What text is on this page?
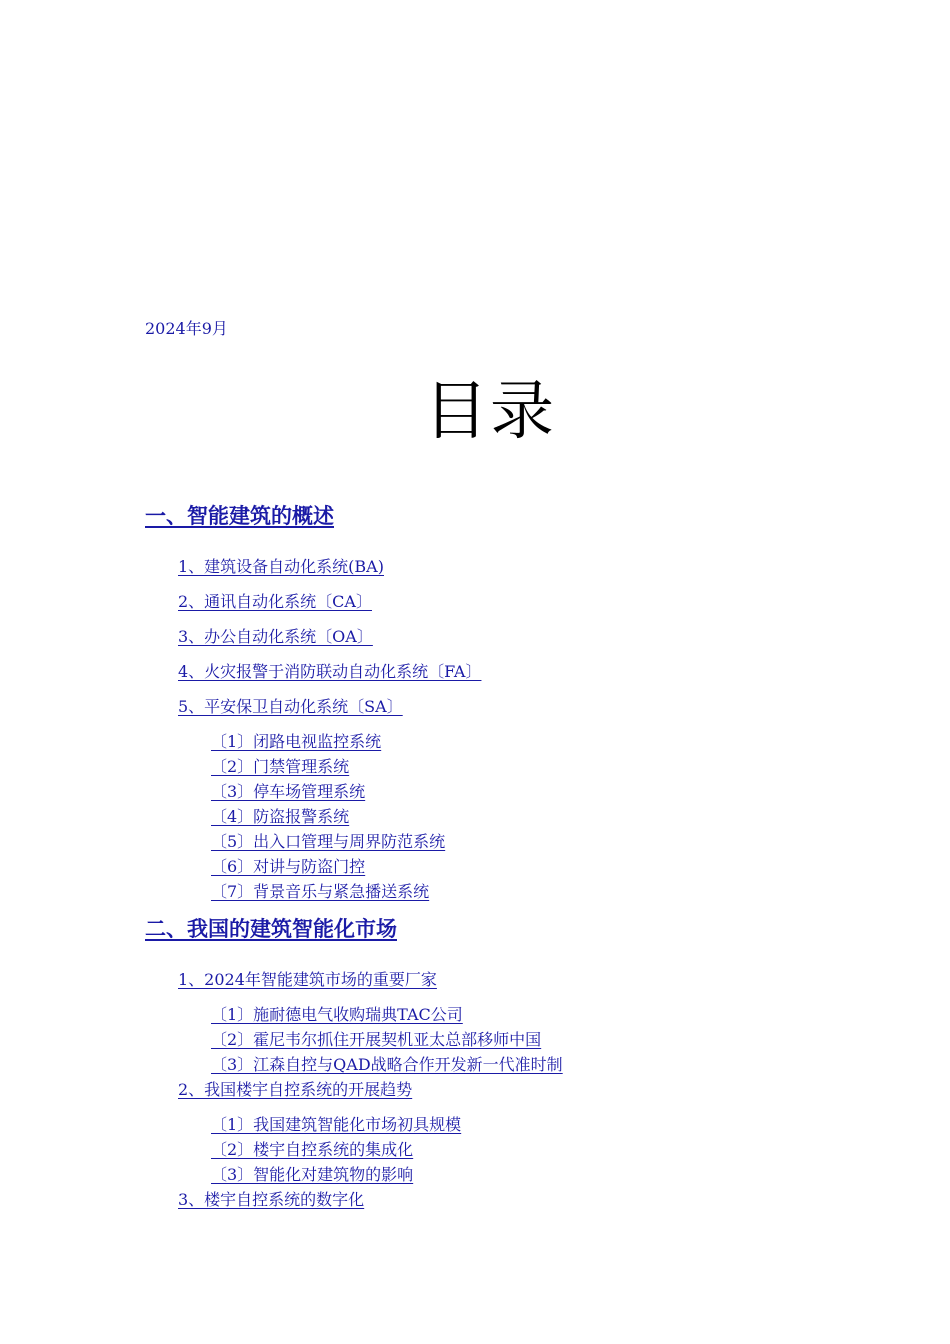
2024年9月
目录
一、智能建筑的概述
1、建筑设备自动化系统(BA)
2、通讯自动化系统〔CA〕
3、办公自动化系统〔OA〕
4、火灾报警于消防联动自动化系统〔FA〕
5、平安保卫自动化系统〔SA〕
〔1〕闭路电视监控系统
〔2〕门禁管理系统
〔3〕停车场管理系统
〔4〕防盗报警系统
〔5〕出入口管理与周界防范系统
〔6〕对讲与防盗门控
〔7〕背景音乐与紧急播送系统
二、我国的建筑智能化市场
1、2024年智能建筑市场的重要厂家
〔1〕施耐德电气收购瑞典TAC公司
〔2〕霍尼韦尔抓住开展契机亚太总部移师中国
〔3〕江森自控与QAD战略合作开发新一代准时制
2、我国楼宇自控系统的开展趋势
〔1〕我国建筑智能化市场初具规模
〔2〕楼宇自控系统的集成化
〔3〕智能化对建筑物的影响
3、楼宇自控系统的数字化
